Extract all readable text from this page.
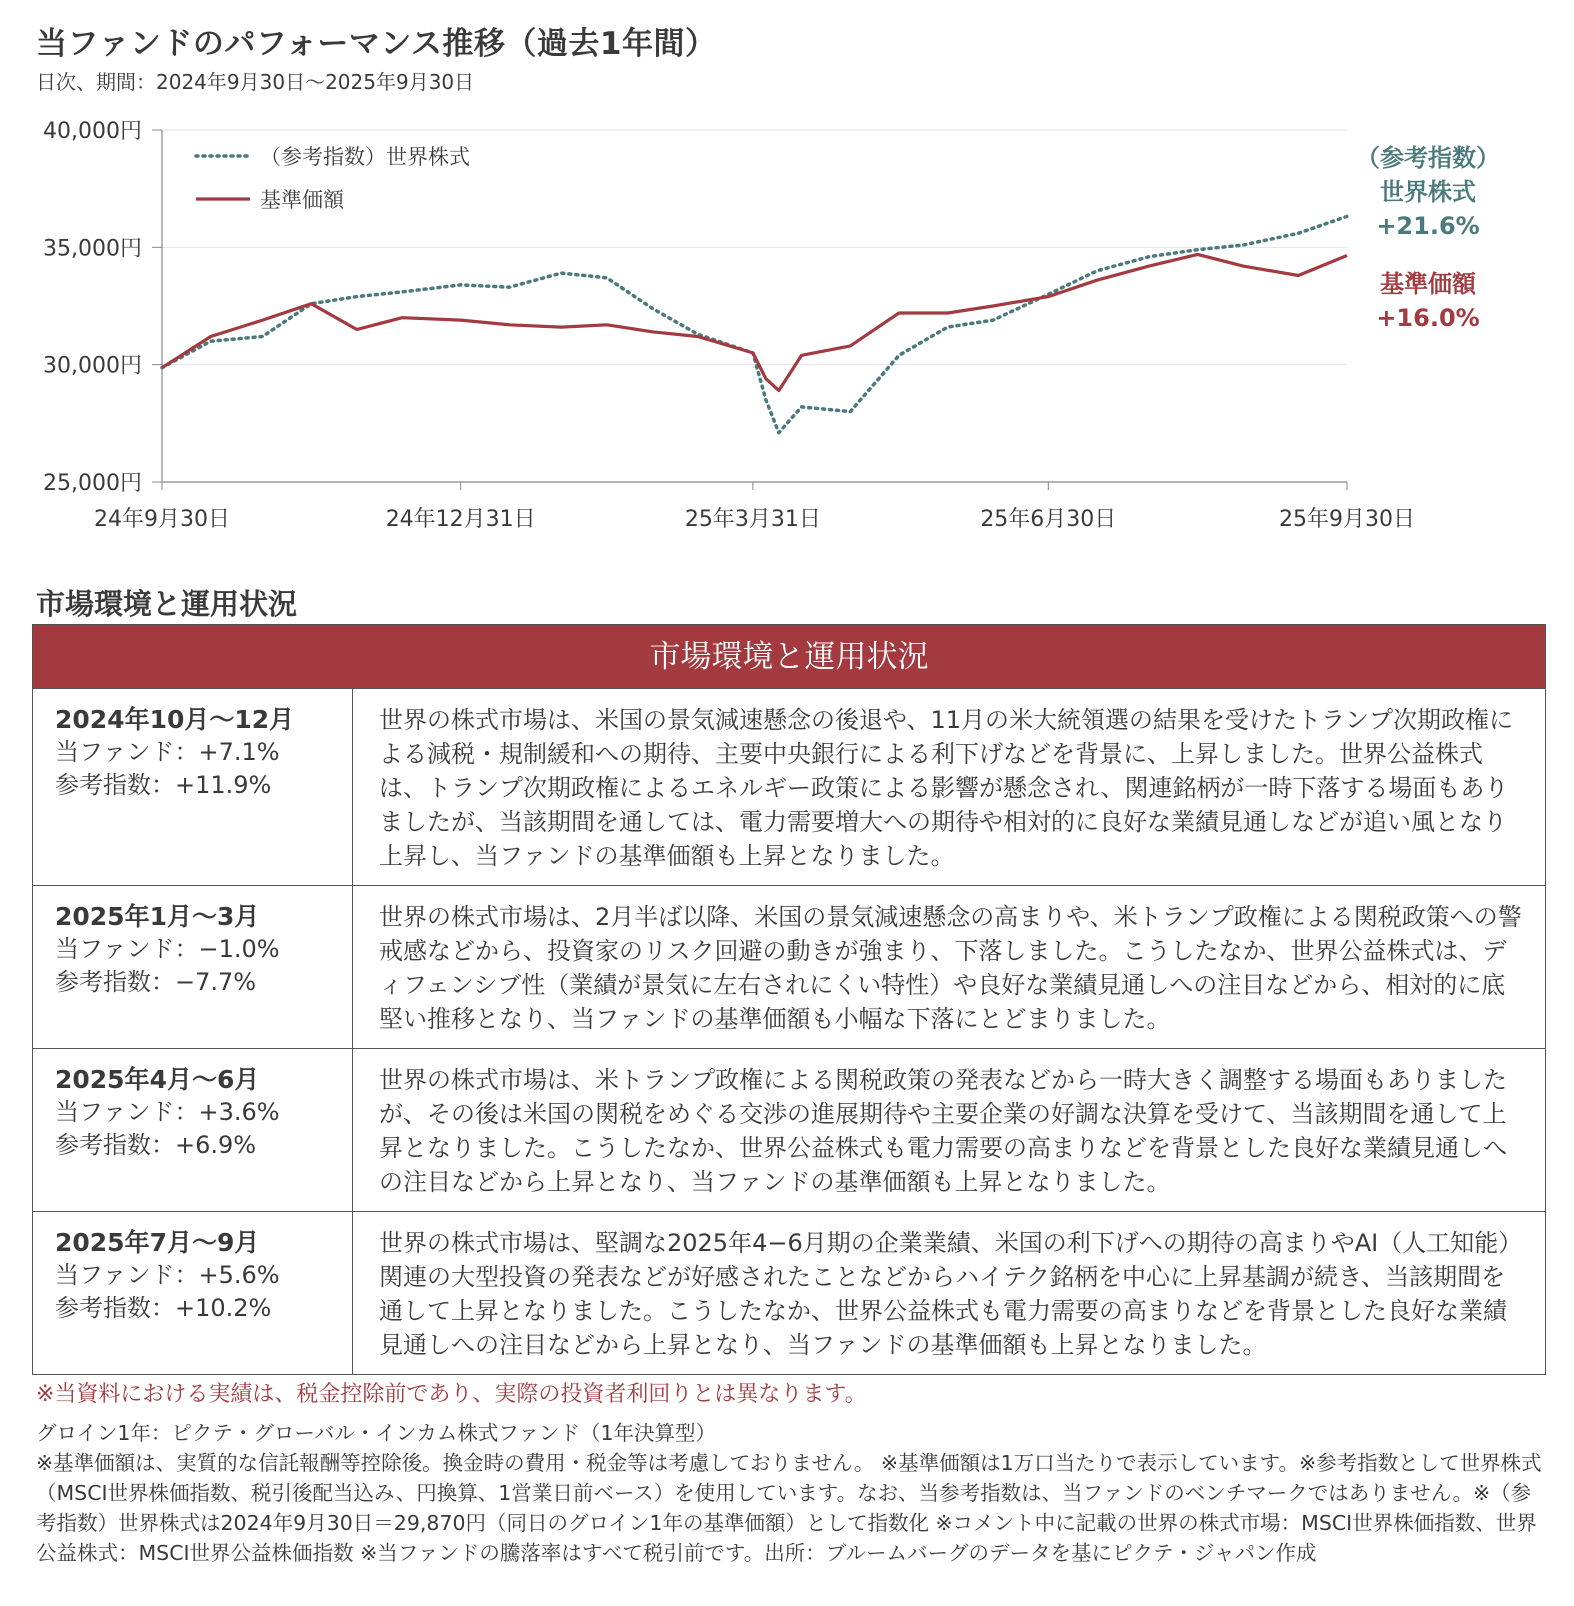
当ファンドのパフォーマンス推移（過去1年間）
日次、期間：2024年9月30日～2025年9月30日
40,000円
35,000円
30,000円
25,000円
24年9月30日	24年12月31日	25年3月31日	25年6月30日	25年9月30日
（参考指数）世界株式
基準価額
（参考指数）
世界株式
+21.6%
基準価額
+16.0%
市場環境と運用状況
市場環境と運用状況
2024年10月～12月
当ファンド：+7.1%
参考指数：+11.9%
世界の株式市場は、米国の景気減速懸念の後退や、11月の米大統領選の結果を受けたトランプ次期政権による減税・規制緩和への期待、主要中央銀行による利下げなどを背景に、上昇しました。世界公益株式は、トランプ次期政権によるエネルギー政策による影響が懸念され、関連銘柄が一時下落する場面もありましたが、当該期間を通しては、電力需要増大への期待や相対的に良好な業績見通しなどが追い風となり上昇し、当ファンドの基準価額も上昇となりました。
2025年1月～3月
当ファンド：−1.0%
参考指数：−7.7%
世界の株式市場は、2月半ば以降、米国の景気減速懸念の高まりや、米トランプ政権による関税政策への警戒感などから、投資家のリスク回避の動きが強まり、下落しました。こうしたなか、世界公益株式は、ディフェンシブ性（業績が景気に左右されにくい特性）や良好な業績見通しへの注目などから、相対的に底堅い推移となり、当ファンドの基準価額も小幅な下落にとどまりました。
2025年4月～6月
当ファンド：+3.6%
参考指数：+6.9%
世界の株式市場は、米トランプ政権による関税政策の発表などから一時大きく調整する場面もありましたが、その後は米国の関税をめぐる交渉の進展期待や主要企業の好調な決算を受けて、当該期間を通して上昇となりました。こうしたなか、世界公益株式も電力需要の高まりなどを背景とした良好な業績見通しへの注目などから上昇となり、当ファンドの基準価額も上昇となりました。
2025年7月～9月
当ファンド：+5.6%
参考指数：+10.2%
世界の株式市場は、堅調な2025年4−6月期の企業業績、米国の利下げへの期待の高まりやAI（人工知能）関連の大型投資の発表などが好感されたことなどからハイテク銘柄を中心に上昇基調が続き、当該期間を通して上昇となりました。こうしたなか、世界公益株式も電力需要の高まりなどを背景とした良好な業績見通しへの注目などから上昇となり、当ファンドの基準価額も上昇となりました。
※当資料における実績は、税金控除前であり、実際の投資者利回りとは異なります。
グロイン1年：ピクテ・グローバル・インカム株式ファンド（1年決算型）
※基準価額は、実質的な信託報酬等控除後。換金時の費用・税金等は考慮しておりません。 ※基準価額は1万口当たりで表示しています。※参考指数として世界株式（MSCI世界株価指数、税引後配当込み、円換算、1営業日前ベース）を使用しています。なお、当参考指数は、当ファンドのベンチマークではありません。※（参考指数）世界株式は2024年9月30日＝29,870円（同日のグロイン1年の基準価額）として指数化 ※コメント中に記載の世界の株式市場：MSCI世界株価指数、世界公益株式：MSCI世界公益株価指数 ※当ファンドの騰落率はすべて税引前です。出所：ブルームバーグのデータを基にピクテ・ジャパン作成
